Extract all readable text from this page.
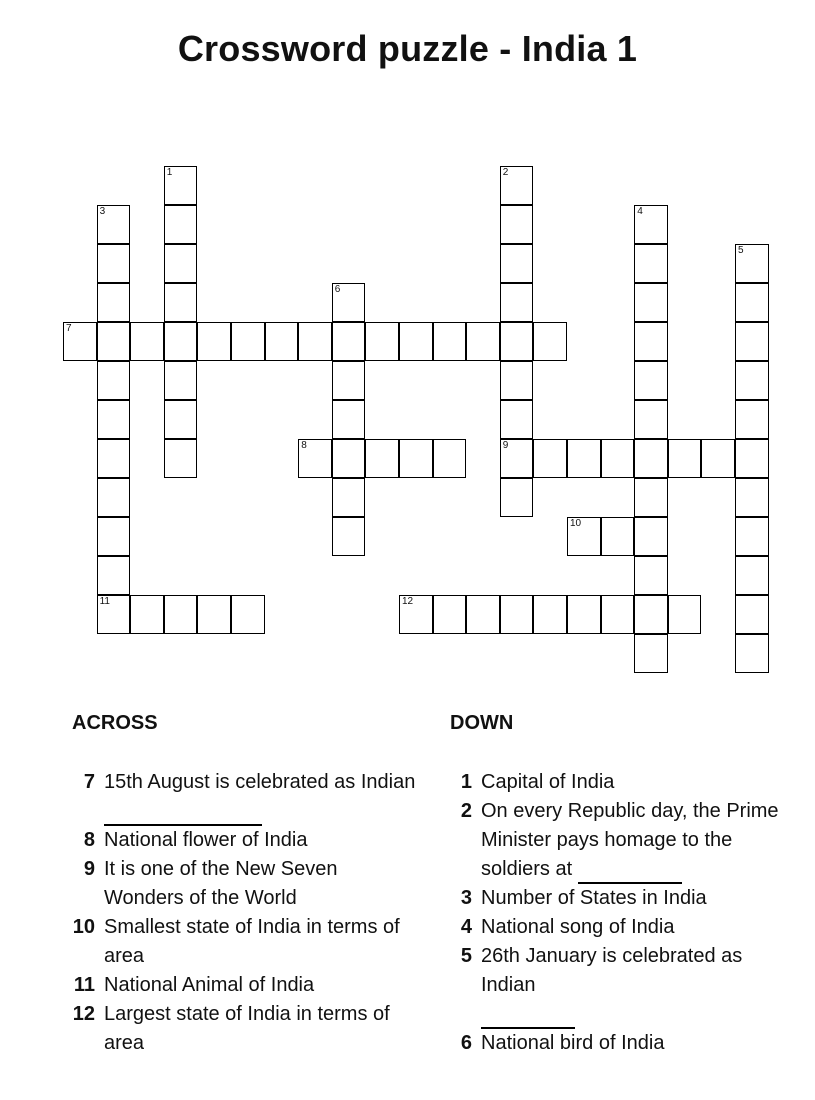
Crossword puzzle - India 1
1	2
9
3
11
4
5
6
7
8
10
12
ACROSS	DOWN
7 15th August is celebrated as Indian
8 National flower of India
9 It is one of the New Seven Wonders of the World
10 Smallest state of India in terms of area
11 National Animal of India
12 Largest state of India in terms of area
1 Capital of India
2 On every Republic day, the Prime Minister pays homage to the soldiers at
3 Number of States in India
4 National song of India
5 26th January is celebrated as Indian
6 National bird of India
